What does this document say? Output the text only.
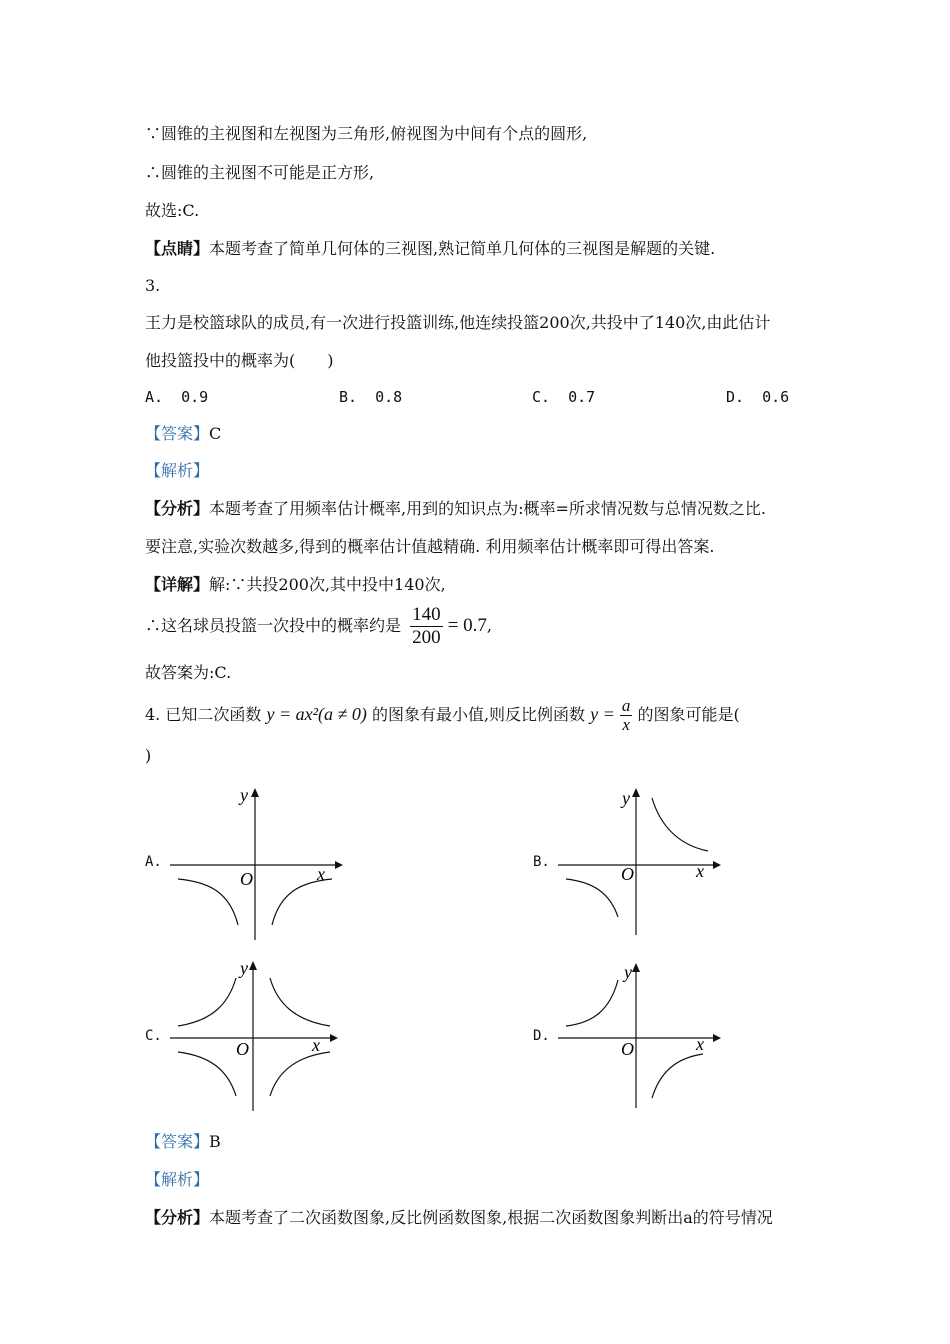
∵圆锥的主视图和左视图为三角形,俯视图为中间有个点的圆形,
∴圆锥的主视图不可能是正方形,
故选:C.
【点睛】本题考查了简单几何体的三视图,熟记简单几何体的三视图是解题的关键.
3.
王力是校篮球队的成员,有一次进行投篮训练,他连续投篮200次,共投中了140次,由此估计
他投篮投中的概率为(　　)
A. 0.9	B. 0.8	C. 0.7	D. 0.6
【答案】C
【解析】
【分析】本题考查了用频率估计概率,用到的知识点为:概率=所求情况数与总情况数之比.
要注意,实验次数越多,得到的概率估计值越精确. 利用频率估计概率即可得出答案.
【详解】解:∵共投200次,其中投中140次,
∴这名球员投篮一次投中的概率约是 $\frac{140}{200} = 0.7$,
故答案为:C.
4. 已知二次函数 y = ax²(a ≠ 0) 的图象有最小值,则反比例函数 $y = \frac{a}{x}$ 的图象可能是(
)
A.
O	x
y
B.
O	x
y
C.
O	x
y
D.
O	x
y
【答案】B
【解析】
【分析】本题考查了二次函数图象,反比例函数图象,根据二次函数图象判断出a的符号情况
